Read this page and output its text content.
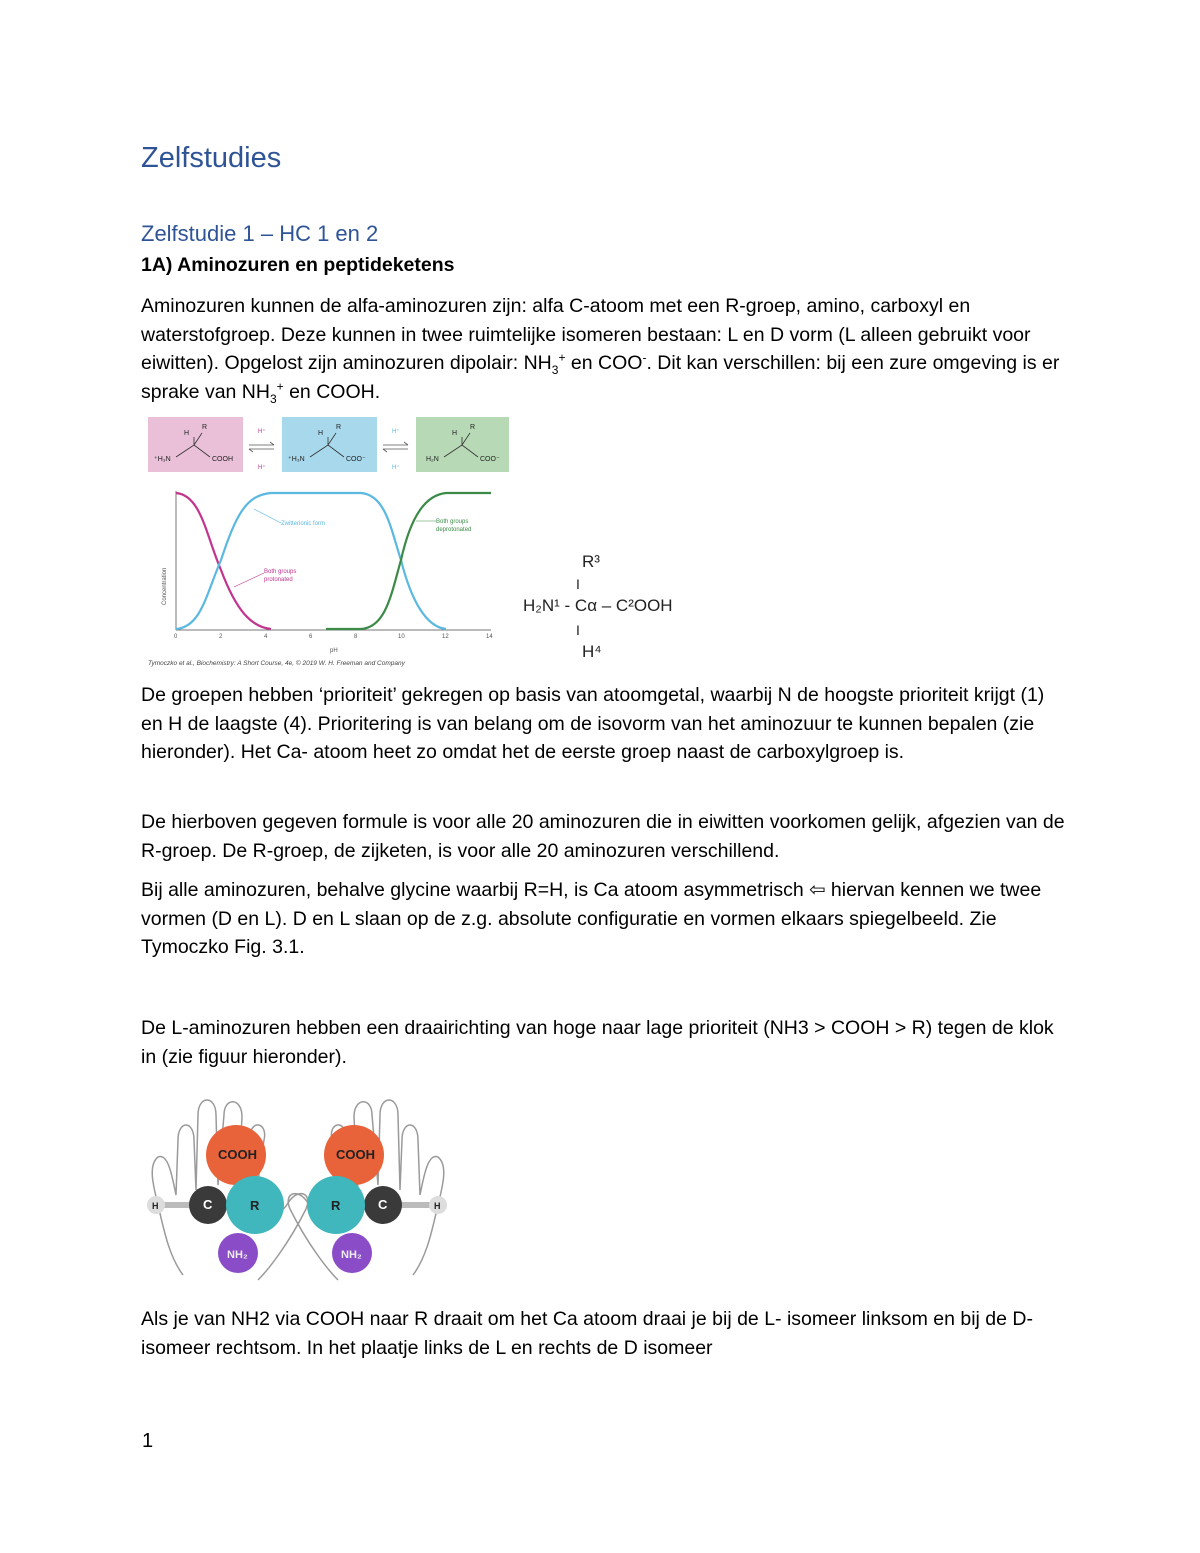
Zelfstudies
Zelfstudie 1 – HC 1 en 2
1A) Aminozuren en peptideketens
Aminozuren kunnen de alfa-aminozuren zijn: alfa C-atoom met een R-groep, amino, carboxyl en waterstofgroep. Deze kunnen in twee ruimtelijke isomeren bestaan: L en D vorm (L alleen gebruikt voor eiwitten). Opgelost zijn aminozuren dipolair: $NH_3^+$ en COO-. Dit kan verschillen: bij een zure omgeving is er sprake van $NH_3^+$ en COOH.
H
R
⁺H₃N	COOH
H
R
⁺H₃N	COO⁻
H
R
H₂N	COO⁻
H⁺
H⁺
H⁺
H⁺
Concentration
pH
0	2	4	6	8	10	12	14
Zwitterionic form	Both groups
deprotonated
Both groups
protonated
Tymoczko et al., Biochemistry: A Short Course, 4e, © 2019 W. H. Freeman and Company
R³
I
H₂N¹ - Cα – C²OOH
I
H⁴
De groepen hebben ‘prioriteit’ gekregen op basis van atoomgetal, waarbij N de hoogste prioriteit krijgt (1) en H de laagste (4). Prioritering is van belang om de isovorm van het aminozuur te kunnen bepalen (zie hieronder). Het Ca- atoom heet zo omdat het de eerste groep naast de carboxylgroep is.
De hierboven gegeven formule is voor alle 20 aminozuren die in eiwitten voorkomen gelijk, afgezien van de R-groep. De R-groep, de zijketen, is voor alle 20 aminozuren verschillend.
Bij alle aminozuren, behalve glycine waarbij R=H, is Ca atoom asymmetrisch ⇦ hiervan kennen we twee vormen (D en L). D en L slaan op de z.g. absolute configuratie en vormen elkaars spiegelbeeld. Zie Tymoczko Fig. 3.1.
De L-aminozuren hebben een draairichting van hoge naar lage prioriteit (NH3 > COOH > R) tegen de klok in (zie figuur hieronder).
H	C
COOH
R
NH₂
H
C
COOH
R
NH₂
Als je van NH2 via COOH naar R draait om het Ca atoom draai je bij de L- isomeer linksom en bij de D-isomeer rechtsom. In het plaatje links de L en rechts de D isomeer
1
